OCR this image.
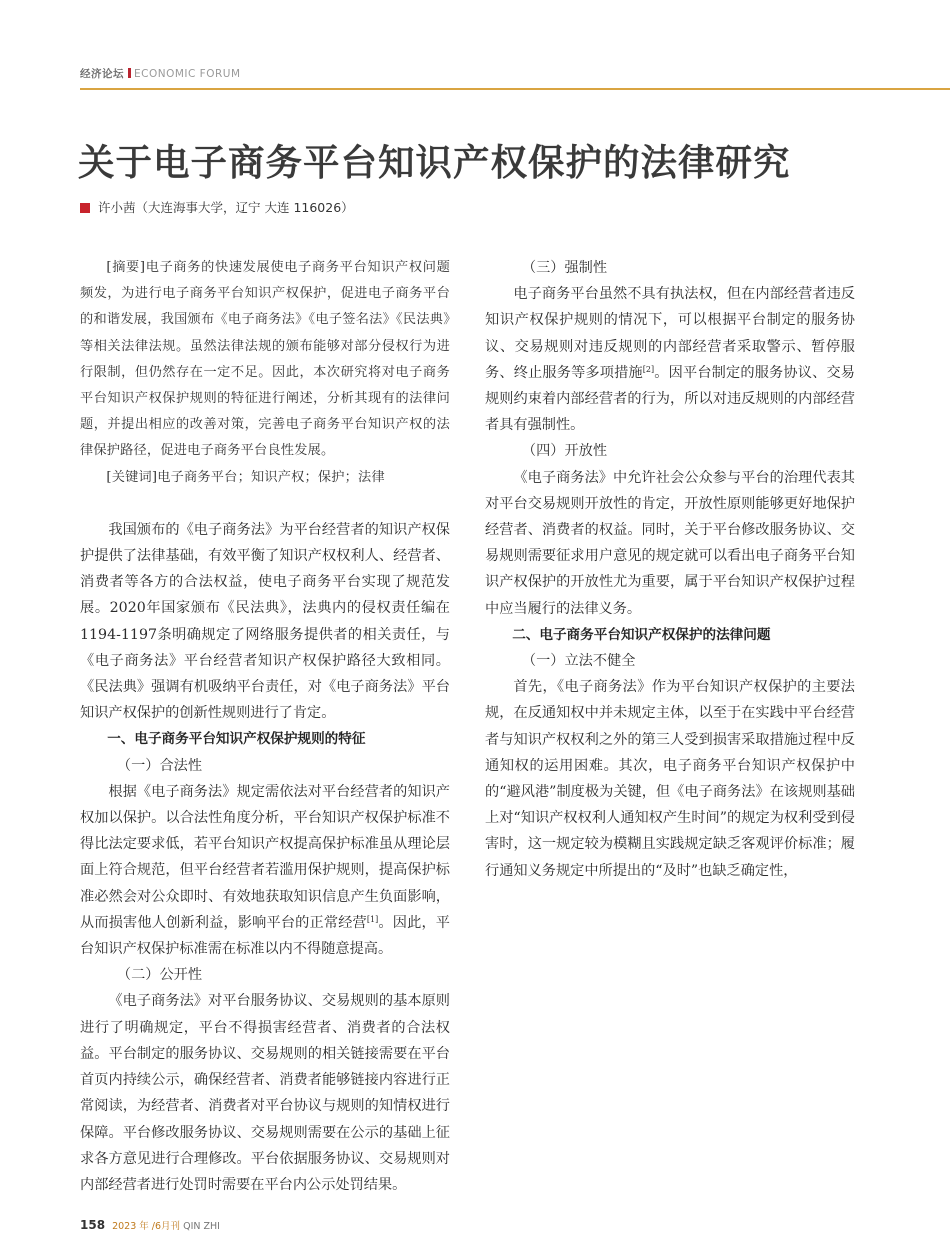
经济论坛 ECONOMIC FORUM
关于电子商务平台知识产权保护的法律研究
许小茜（大连海事大学，辽宁 大连 116026）

[摘要]电子商务的快速发展使电子商务平台知识产权问题频发，为进行电子商务平台知识产权保护，促进电子商务平台的和谐发展，我国颁布《电子商务法》《电子签名法》《民法典》等相关法律法规。虽然法律法规的颁布能够对部分侵权行为进行限制，但仍然存在一定不足。因此，本次研究将对电子商务平台知识产权保护规则的特征进行阐述，分析其现有的法律问题，并提出相应的改善对策，完善电子商务平台知识产权的法律保护路径，促进电子商务平台良性发展。

[关键词]电子商务平台；知识产权；保护；法律

我国颁布的《电子商务法》为平台经营者的知识产权保护提供了法律基础，有效平衡了知识产权权利人、经营者、消费者等各方的合法权益，使电子商务平台实现了规范发展。2020年国家颁布《民法典》，法典内的侵权责任编在1194-1197条明确规定了网络服务提供者的相关责任，与《电子商务法》平台经营者知识产权保护路径大致相同。《民法典》强调有机吸纳平台责任，对《电子商务法》平台知识产权保护的创新性规则进行了肯定。

一、电子商务平台知识产权保护规则的特征

（一）合法性

根据《电子商务法》规定需依法对平台经营者的知识产权加以保护。以合法性角度分析，平台知识产权保护标准不得比法定要求低，若平台知识产权提高保护标准虽从理论层面上符合规范，但平台经营者若滥用保护规则，提高保护标准必然会对公众即时、有效地获取知识信息产生负面影响，从而损害他人创新利益，影响平台的正常经营[1]。因此，平台知识产权保护标准需在标准以内不得随意提高。

（二）公开性

《电子商务法》对平台服务协议、交易规则的基本原则进行了明确规定，平台不得损害经营者、消费者的合法权益。平台制定的服务协议、交易规则的相关链接需要在平台首页内持续公示，确保经营者、消费者能够链接内容进行正常阅读，为经营者、消费者对平台协议与规则的知情权进行保障。平台修改服务协议、交易规则需要在公示的基础上征求各方意见进行合理修改。平台依据服务协议、交易规则对内部经营者进行处罚时需要在平台内公示处罚结果。

（三）强制性

电子商务平台虽然不具有执法权，但在内部经营者违反知识产权保护规则的情况下，可以根据平台制定的服务协议、交易规则对违反规则的内部经营者采取警示、暂停服务、终止服务等多项措施[2]。因平台制定的服务协议、交易规则约束着内部经营者的行为，所以对违反规则的内部经营者具有强制性。

（四）开放性

《电子商务法》中允许社会公众参与平台的治理代表其对平台交易规则开放性的肯定，开放性原则能够更好地保护经营者、消费者的权益。同时，关于平台修改服务协议、交易规则需要征求用户意见的规定就可以看出电子商务平台知识产权保护的开放性尤为重要，属于平台知识产权保护过程中应当履行的法律义务。

二、电子商务平台知识产权保护的法律问题

（一）立法不健全

首先，《电子商务法》作为平台知识产权保护的主要法规，在反通知权中并未规定主体，以至于在实践中平台经营者与知识产权权利之外的第三人受到损害采取措施过程中反通知权的运用困难。其次，电子商务平台知识产权保护中的“避风港”制度极为关键，但《电子商务法》在该规则基础上对“知识产权权利人通知权产生时间”的规定为权利受到侵害时，这一规定较为模糊且实践规定缺乏客观评价标准；履行通知义务规定中所提出的“及时”也缺乏确定性，

158 2023 年 /6月刊 QIN ZHI
